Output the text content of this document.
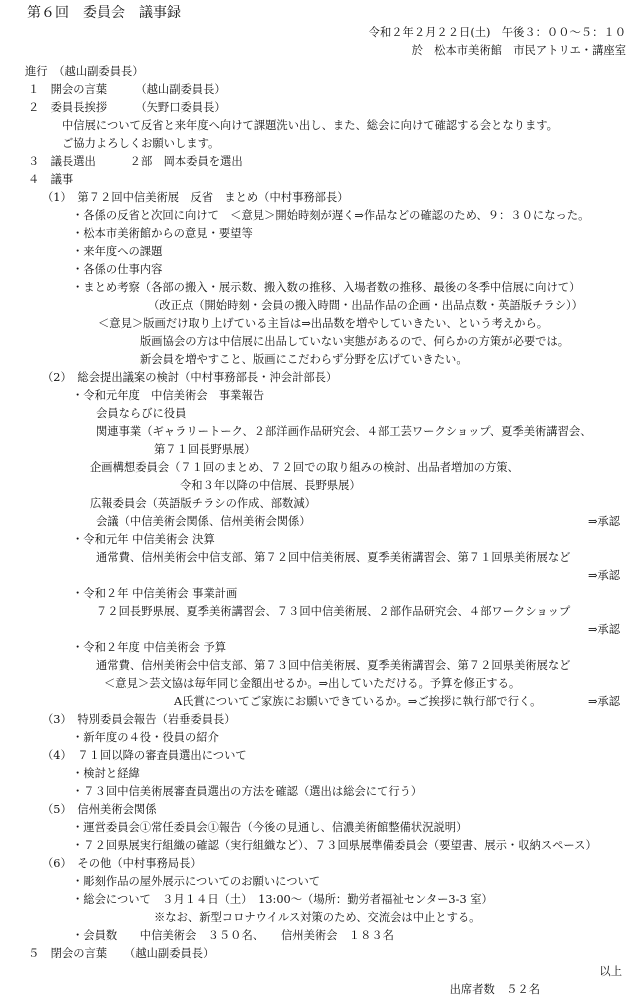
第６回　委員会　議事録
令和２年２月２２日(土)　午後３：００〜５：１０
於　松本市美術館　市民アトリエ・講座室
進行　（越山副委員長）
１　開会の言葉　　　（越山副委員長）
２　委員長挨拶　　　（矢野口委員長）
中信展について反省と来年度へ向けて課題洗い出し、また、総会に向けて確認する会となります。
ご協力よろしくお願いします。
３　議長選出　　　２部　岡本委員を選出
４　議事
（1）　第７２回中信美術展　反省　まとめ（中村事務部長）
・各係の反省と次回に向けて　＜意見＞開始時刻が遅く⇒作品などの確認のため、９：３０になった。
・松本市美術館からの意見・要望等
・来年度への課題
・各係の仕事内容
・まとめ考察（各部の搬入・展示数、搬入数の推移、入場者数の推移、最後の冬季中信展に向けて）
（改正点（開始時刻・会員の搬入時間・出品作品の企画・出品点数・英語版チラシ））
＜意見＞版画だけ取り上げている主旨は⇒出品数を増やしていきたい、という考えから。
版画協会の方は中信展に出品していない実態があるので、何らかの方策が必要では。
新会員を増やすこと、版画にこだわらず分野を広げていきたい。
（2）　総会提出議案の検討（中村事務部長・沖会計部長）
・令和元年度　中信美術会　事業報告
会員ならびに役員
関連事業（ギャラリートーク、２部洋画作品研究会、４部工芸ワークショップ、夏季美術講習会、
第７１回長野県展）
企画構想委員会（７１回のまとめ、７２回での取り組みの検討、出品者増加の方策、
令和３年以降の中信展、長野県展）
広報委員会（英語版チラシの作成、部数減）
会議（中信美術会関係、信州美術会関係）	⇒承認
・令和元年 中信美術会 決算
通常費、信州美術会中信支部、第７２回中信美術展、夏季美術講習会、第７１回県美術展など
⇒承認
・令和２年 中信美術会 事業計画
７２回長野県展、夏季美術講習会、７３回中信美術展、２部作品研究会、４部ワークショップ
⇒承認
・令和２年度 中信美術会 予算
通常費、信州美術会中信支部、第７３回中信美術展、夏季美術講習会、第７２回県美術展など
＜意見＞芸文協は毎年同じ金額出せるか。⇒出していただける。予算を修正する。
A氏賞についてご家族にお願いできているか。⇒ご挨拶に執行部で行く。	⇒承認
（3）　特別委員会報告（岩垂委員長）
・新年度の４役・役員の紹介
（4）　７１回以降の審査員選出について
・検討と経緯
・７３回中信美術展審査員選出の方法を確認（選出は総会にて行う）
（5）　信州美術会関係
・運営委員会①常任委員会①報告（今後の見通し、信濃美術館整備状況説明）
・７２回県展実行組織の確認（実行組織など）、７３回県展準備委員会（要望書、展示・収納スペース）
（6）　その他（中村事務局長）
・彫刻作品の屋外展示についてのお願いについて
・総会について　３月１４日（土）　13:00〜（場所：勤労者福祉センター3-3 室）
※なお、新型コロナウイルス対策のため、交流会は中止とする。
・会員数　　中信美術会　３５０名、　　信州美術会　１８３名
５　閉会の言葉　　（越山副委員長）
以上
出席者数　５２名
